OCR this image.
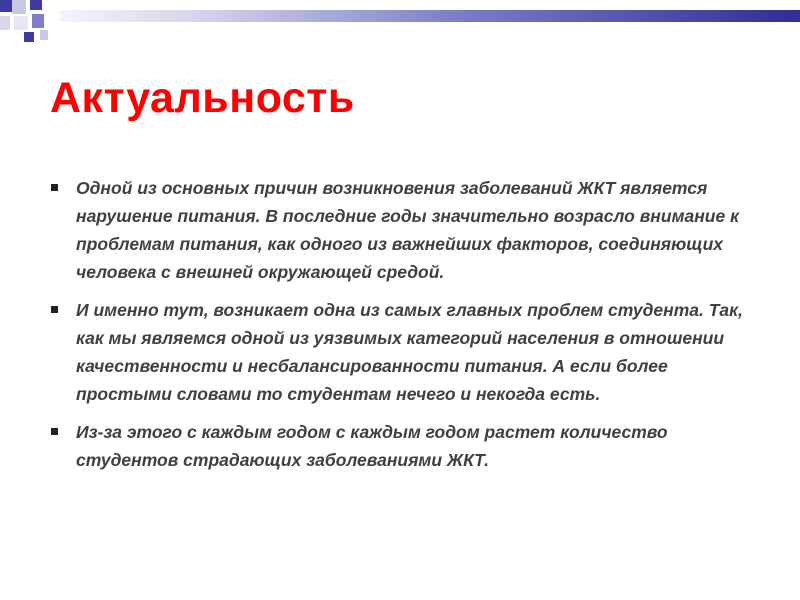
Актуальность
Одной из основных причин возникновения заболеваний ЖКТ является нарушение питания. В последние годы значительно возрасло внимание к проблемам питания, как одного из важнейших факторов, соединяющих человека с внешней окружающей средой.
И именно тут, возникает одна из самых главных проблем студента. Так, как мы являемся одной из уязвимых категорий населения в отношении качественности и несбалансированности питания. А если более простыми словами то студентам нечего и некогда есть.
Из-за этого с каждым годом с каждым годом растет количество студентов страдающих заболеваниями ЖКТ.
